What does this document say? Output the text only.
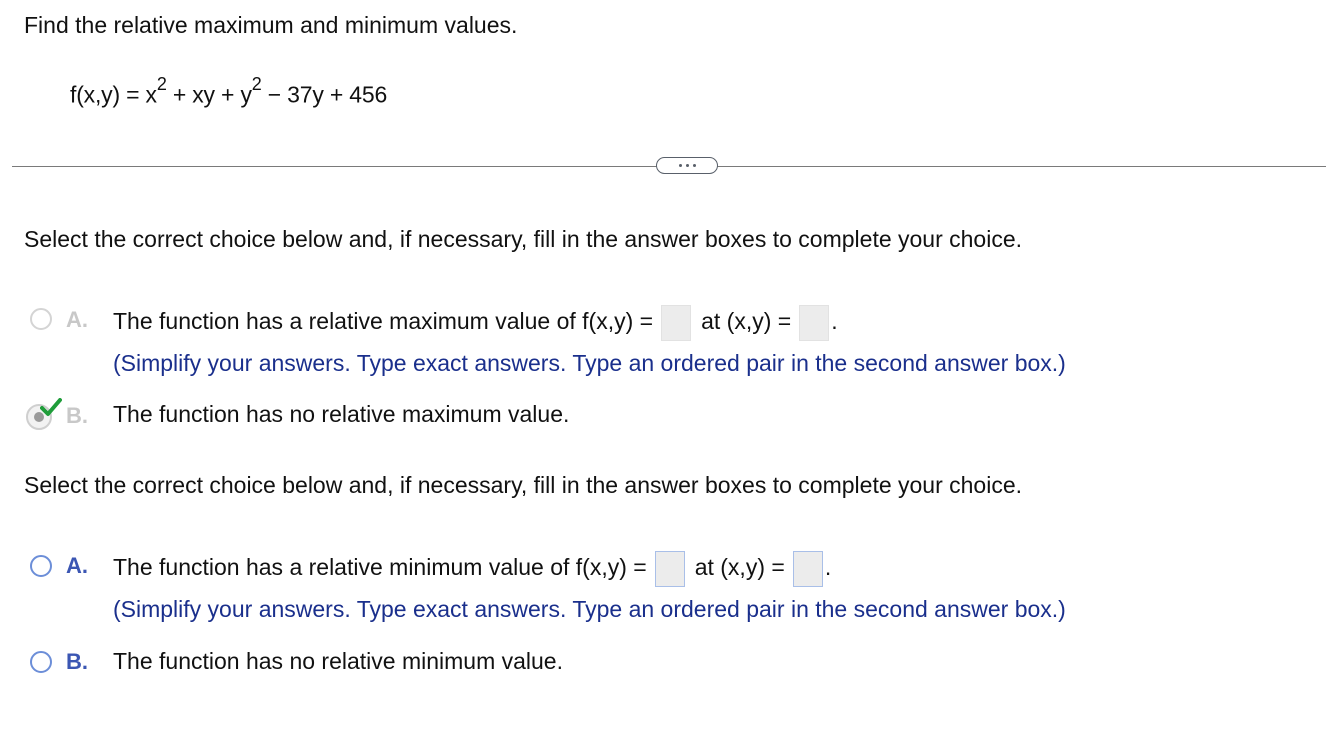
Find the relative maximum and minimum values.
$f(x,y) = x^2$ + xy + $y^2 - 37y + 456$
Select the correct choice below and, if necessary, fill in the answer boxes to complete your choice.
A. The function has a relative maximum value of f(x,y) = at (x,y) = .
(Simplify your answers. Type exact answers. Type an ordered pair in the second answer box.)
B. The function has no relative maximum value.
Select the correct choice below and, if necessary, fill in the answer boxes to complete your choice.
A. The function has a relative minimum value of f(x,y) = at (x,y) = .
(Simplify your answers. Type exact answers. Type an ordered pair in the second answer box.)
B. The function has no relative minimum value.
